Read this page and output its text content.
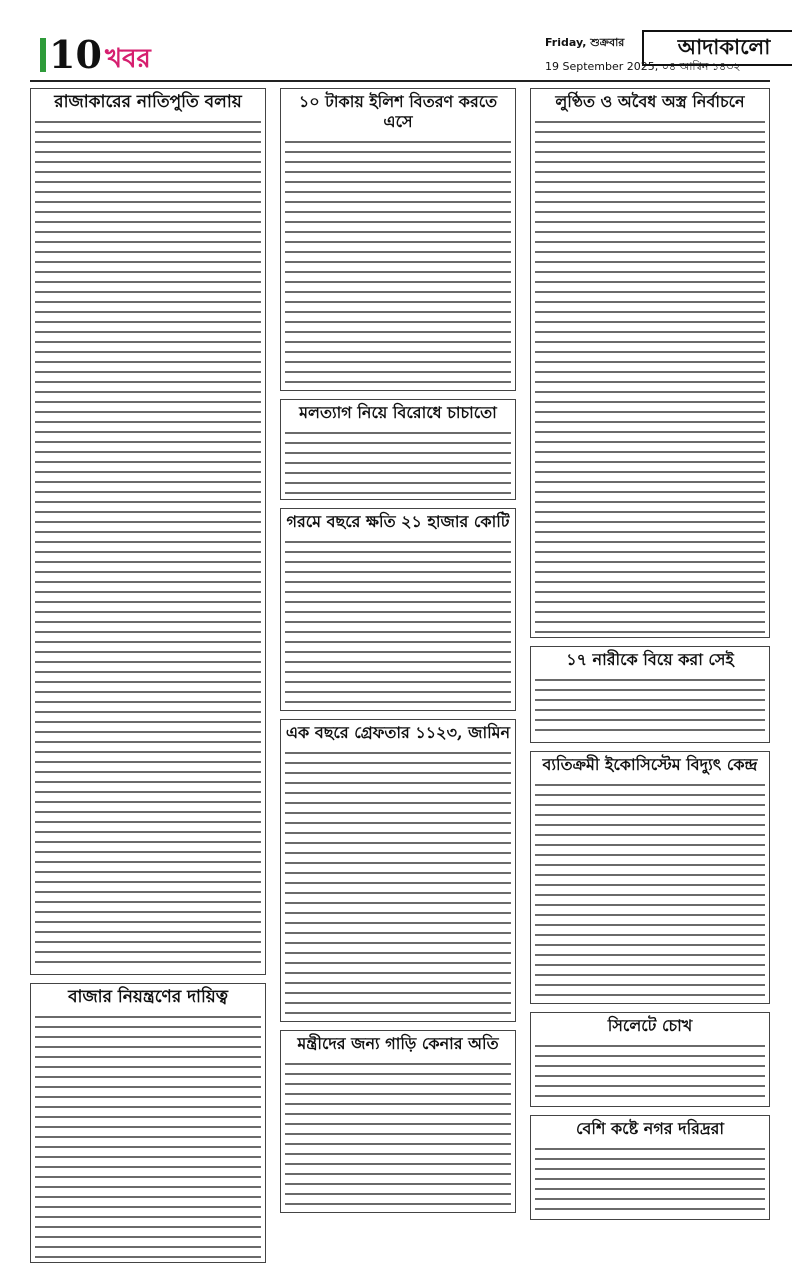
10 খবর
Friday, শুক্রবার
19 September 2025, ০৪ আশ্বিন ১৪৩২
আদাকালো
রাজাকারের নাতিপুতি বলায়
বাজার নিয়ন্ত্রণের দায়িত্ব
১০ টাকায় ইলিশ বিতরণ করতে এসে
মলত্যাগ নিয়ে বিরোধে চাচাতো
গরমে বছরে ক্ষতি ২১ হাজার কোটি
এক বছরে গ্রেফতার ১১২৩, জামিন
মন্ত্রীদের জন্য গাড়ি কেনার অতি
লুণ্ঠিত ও অবৈধ অস্ত্র নির্বাচনে
১৭ নারীকে বিয়ে করা সেই
ব্যতিক্রমী ইকোসিস্টেম বিদ্যুৎ কেন্দ্র
সিলেটে চোখ
বেশি কষ্টে নগর দরিদ্ররা
